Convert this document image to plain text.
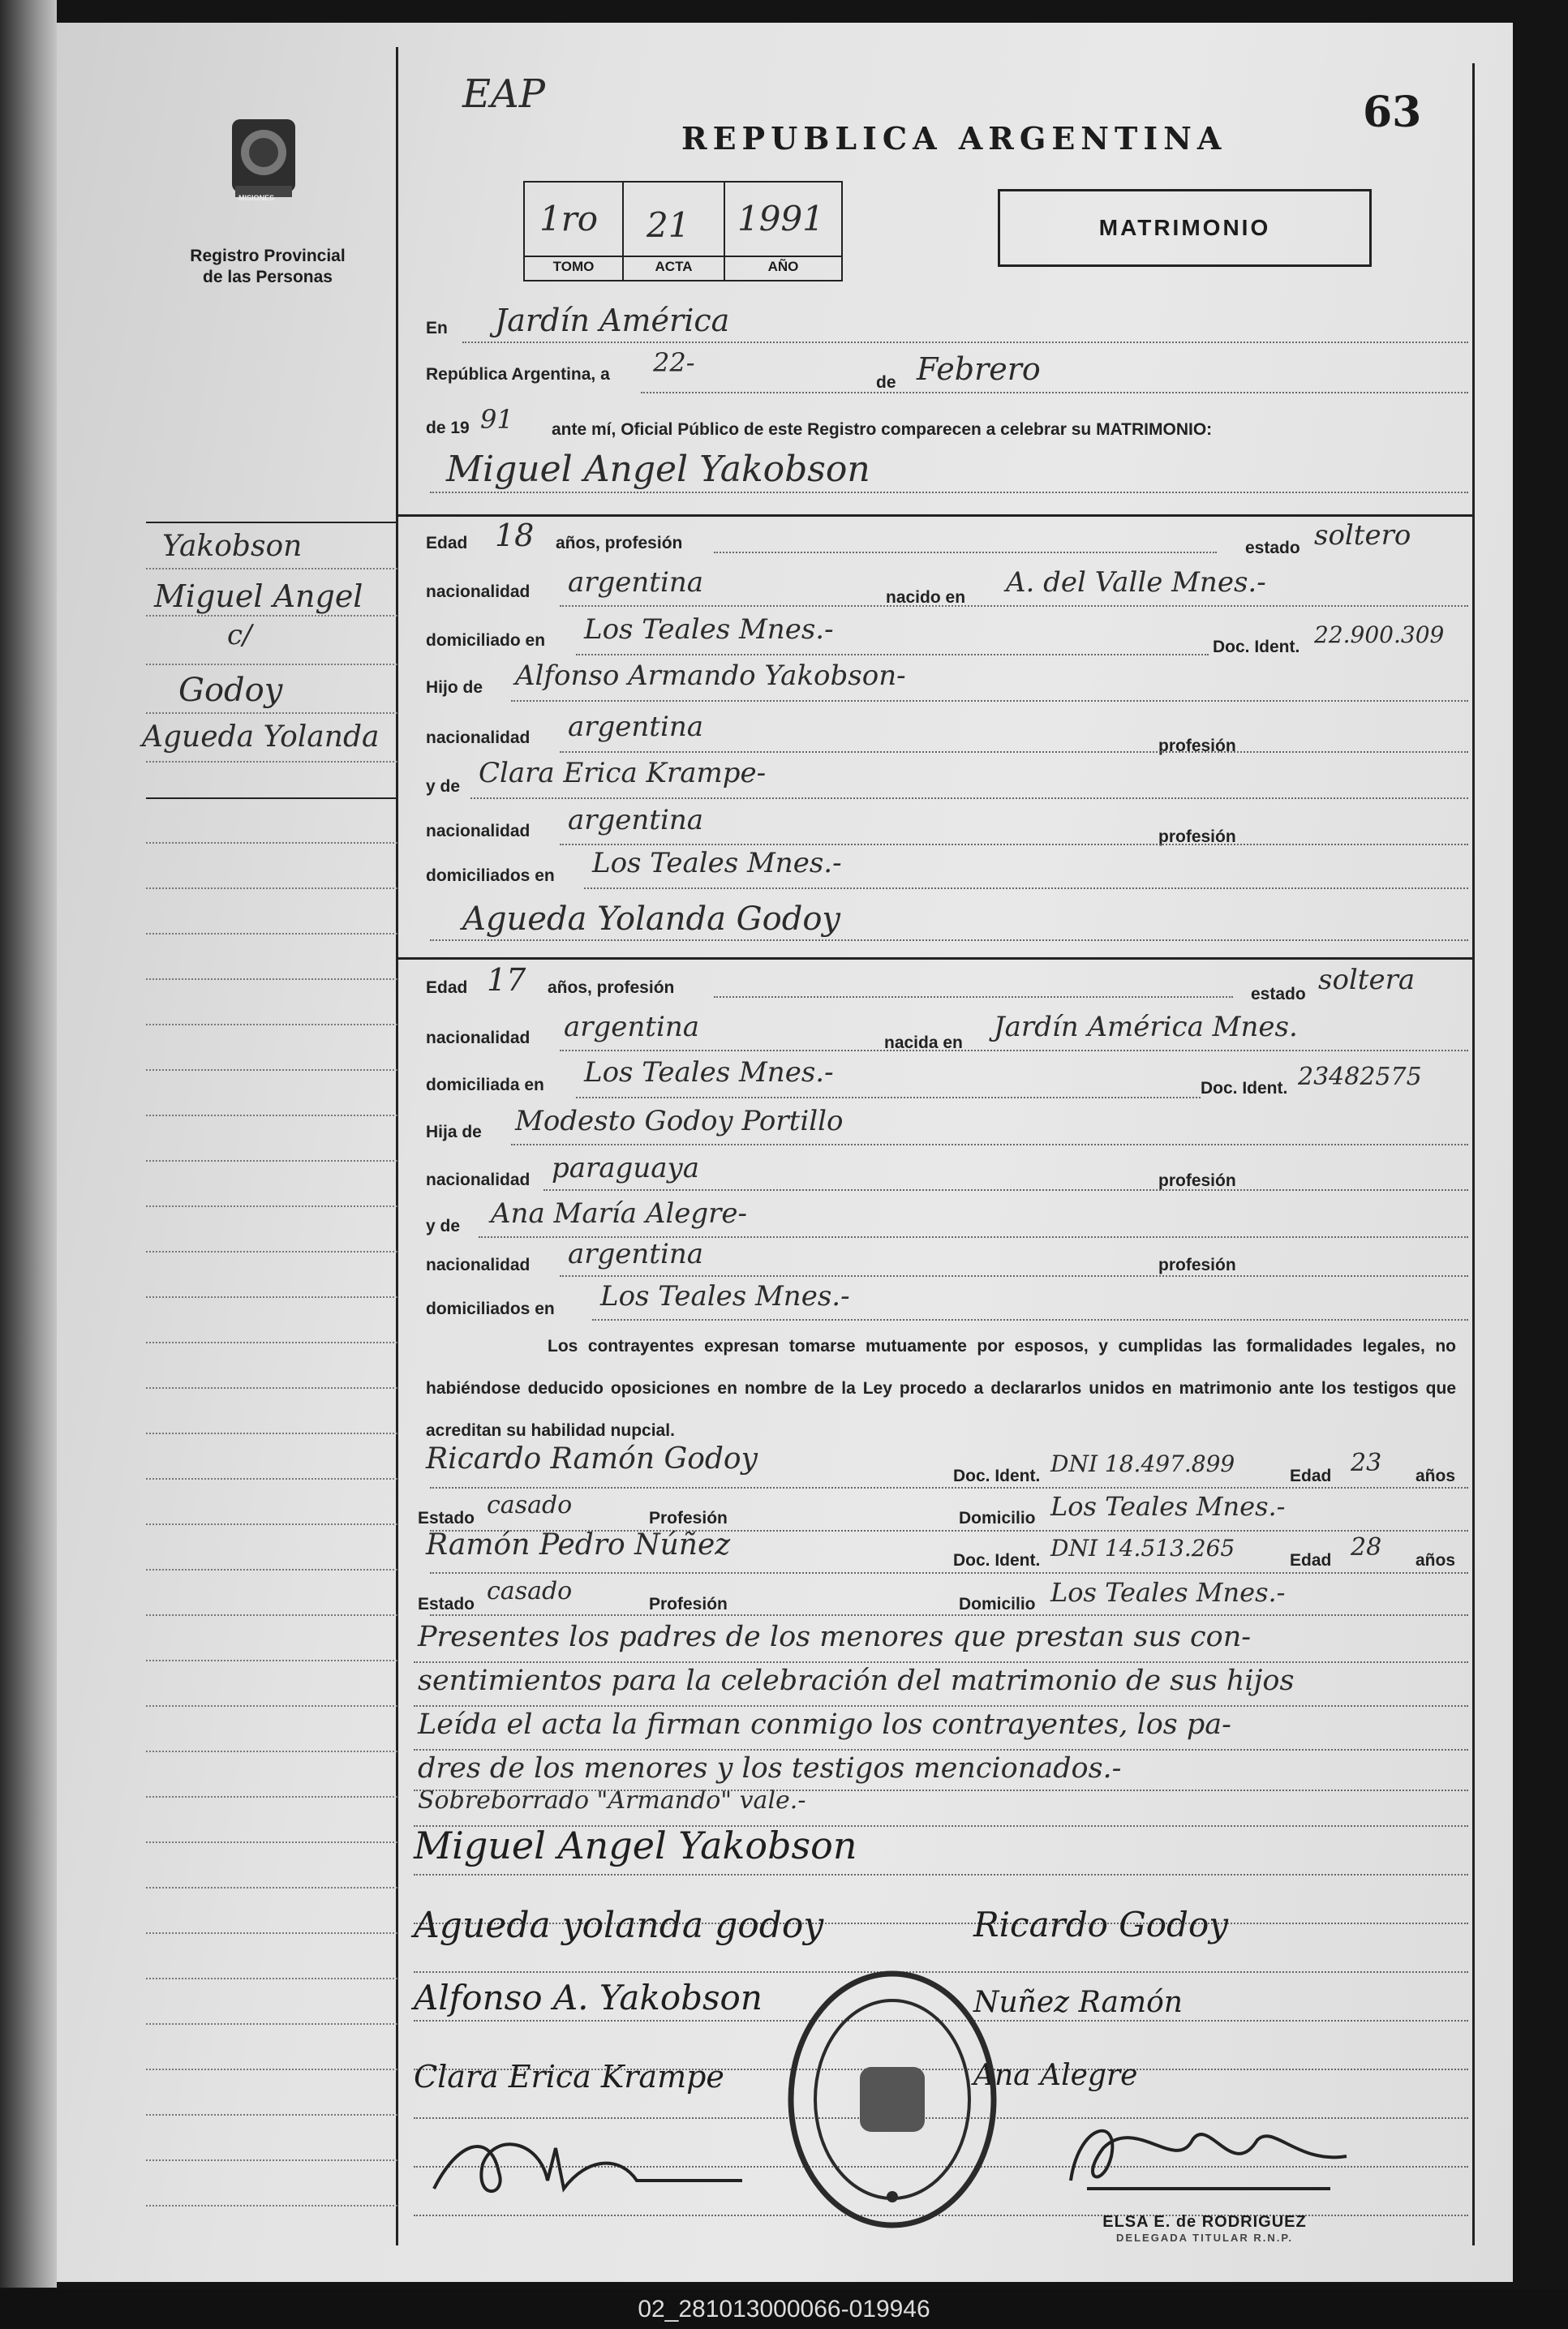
EAP
REPUBLICA ARGENTINA
63
MISIONES
Registro Provincial
de las Personas
1ro 21 1991
TOMO	ACTA	AÑO
MATRIMONIO
En Jardín América
República Argentina, a 22-
de Febrero
de 19 91 ante mí, Oficial Público de este Registro comparecen a celebrar su MATRIMONIO:
Miguel Angel Yakobson
Edad 18 años, profesión	estado soltero
nacionalidad argentina	nacido en A. del Valle Mnes.-
domiciliado en Los Teales Mnes.-
Doc. Ident. 22.900.309
Hijo de Alfonso Armando Yakobson-
nacionalidad argentina
profesión
y de Clara Erica Krampe-
nacionalidad argentina
profesión
domiciliados en Los Teales Mnes.-
Agueda Yolanda Godoy
Edad 17 años, profesión	estado soltera
nacionalidad argentina	nacida en Jardín América Mnes.
domiciliada en Los Teales Mnes.-	Doc. Ident. 23482575
Hija de Modesto Godoy Portillo
nacionalidad paraguaya	profesión
y de Ana María Alegre-
nacionalidad argentina	profesión
domiciliados en Los Teales Mnes.-
Los contrayentes expresan tomarse mutuamente por esposos, y cumplidas las formalidades legales, no habiéndose deducido oposiciones en nombre de la Ley procedo a declararlos unidos en matrimonio ante los testigos que acreditan su habilidad nupcial.
Ricardo Ramón Godoy
Doc. Ident. DNI 18.497.899	Edad 23 años
Estado casado	Profesión	Domicilio Los Teales Mnes.-
Ramón Pedro Núñez	Doc. Ident. DNI 14.513.265	Edad 28 años
Estado casado	Profesión	Domicilio Los Teales Mnes.-
Presentes los padres de los menores que prestan sus con-
sentimientos para la celebración del matrimonio de sus hijos
Leída el acta la firman conmigo los contrayentes, los pa-
dres de los menores y los testigos mencionados.-
Sobreborrado "Armando" vale.-
Miguel Angel Yakobson
Agueda yolanda godoy	Ricardo Godoy
Alfonso A. Yakobson	Nuñez Ramón
Clara Erica Krampe	Ana Alegre
ELSA E. de RODRIGUEZ
DELEGADA TITULAR R.N.P.
Yakobson
Miguel Angel
c/
Godoy
Agueda Yolanda
02_281013000066-019946
